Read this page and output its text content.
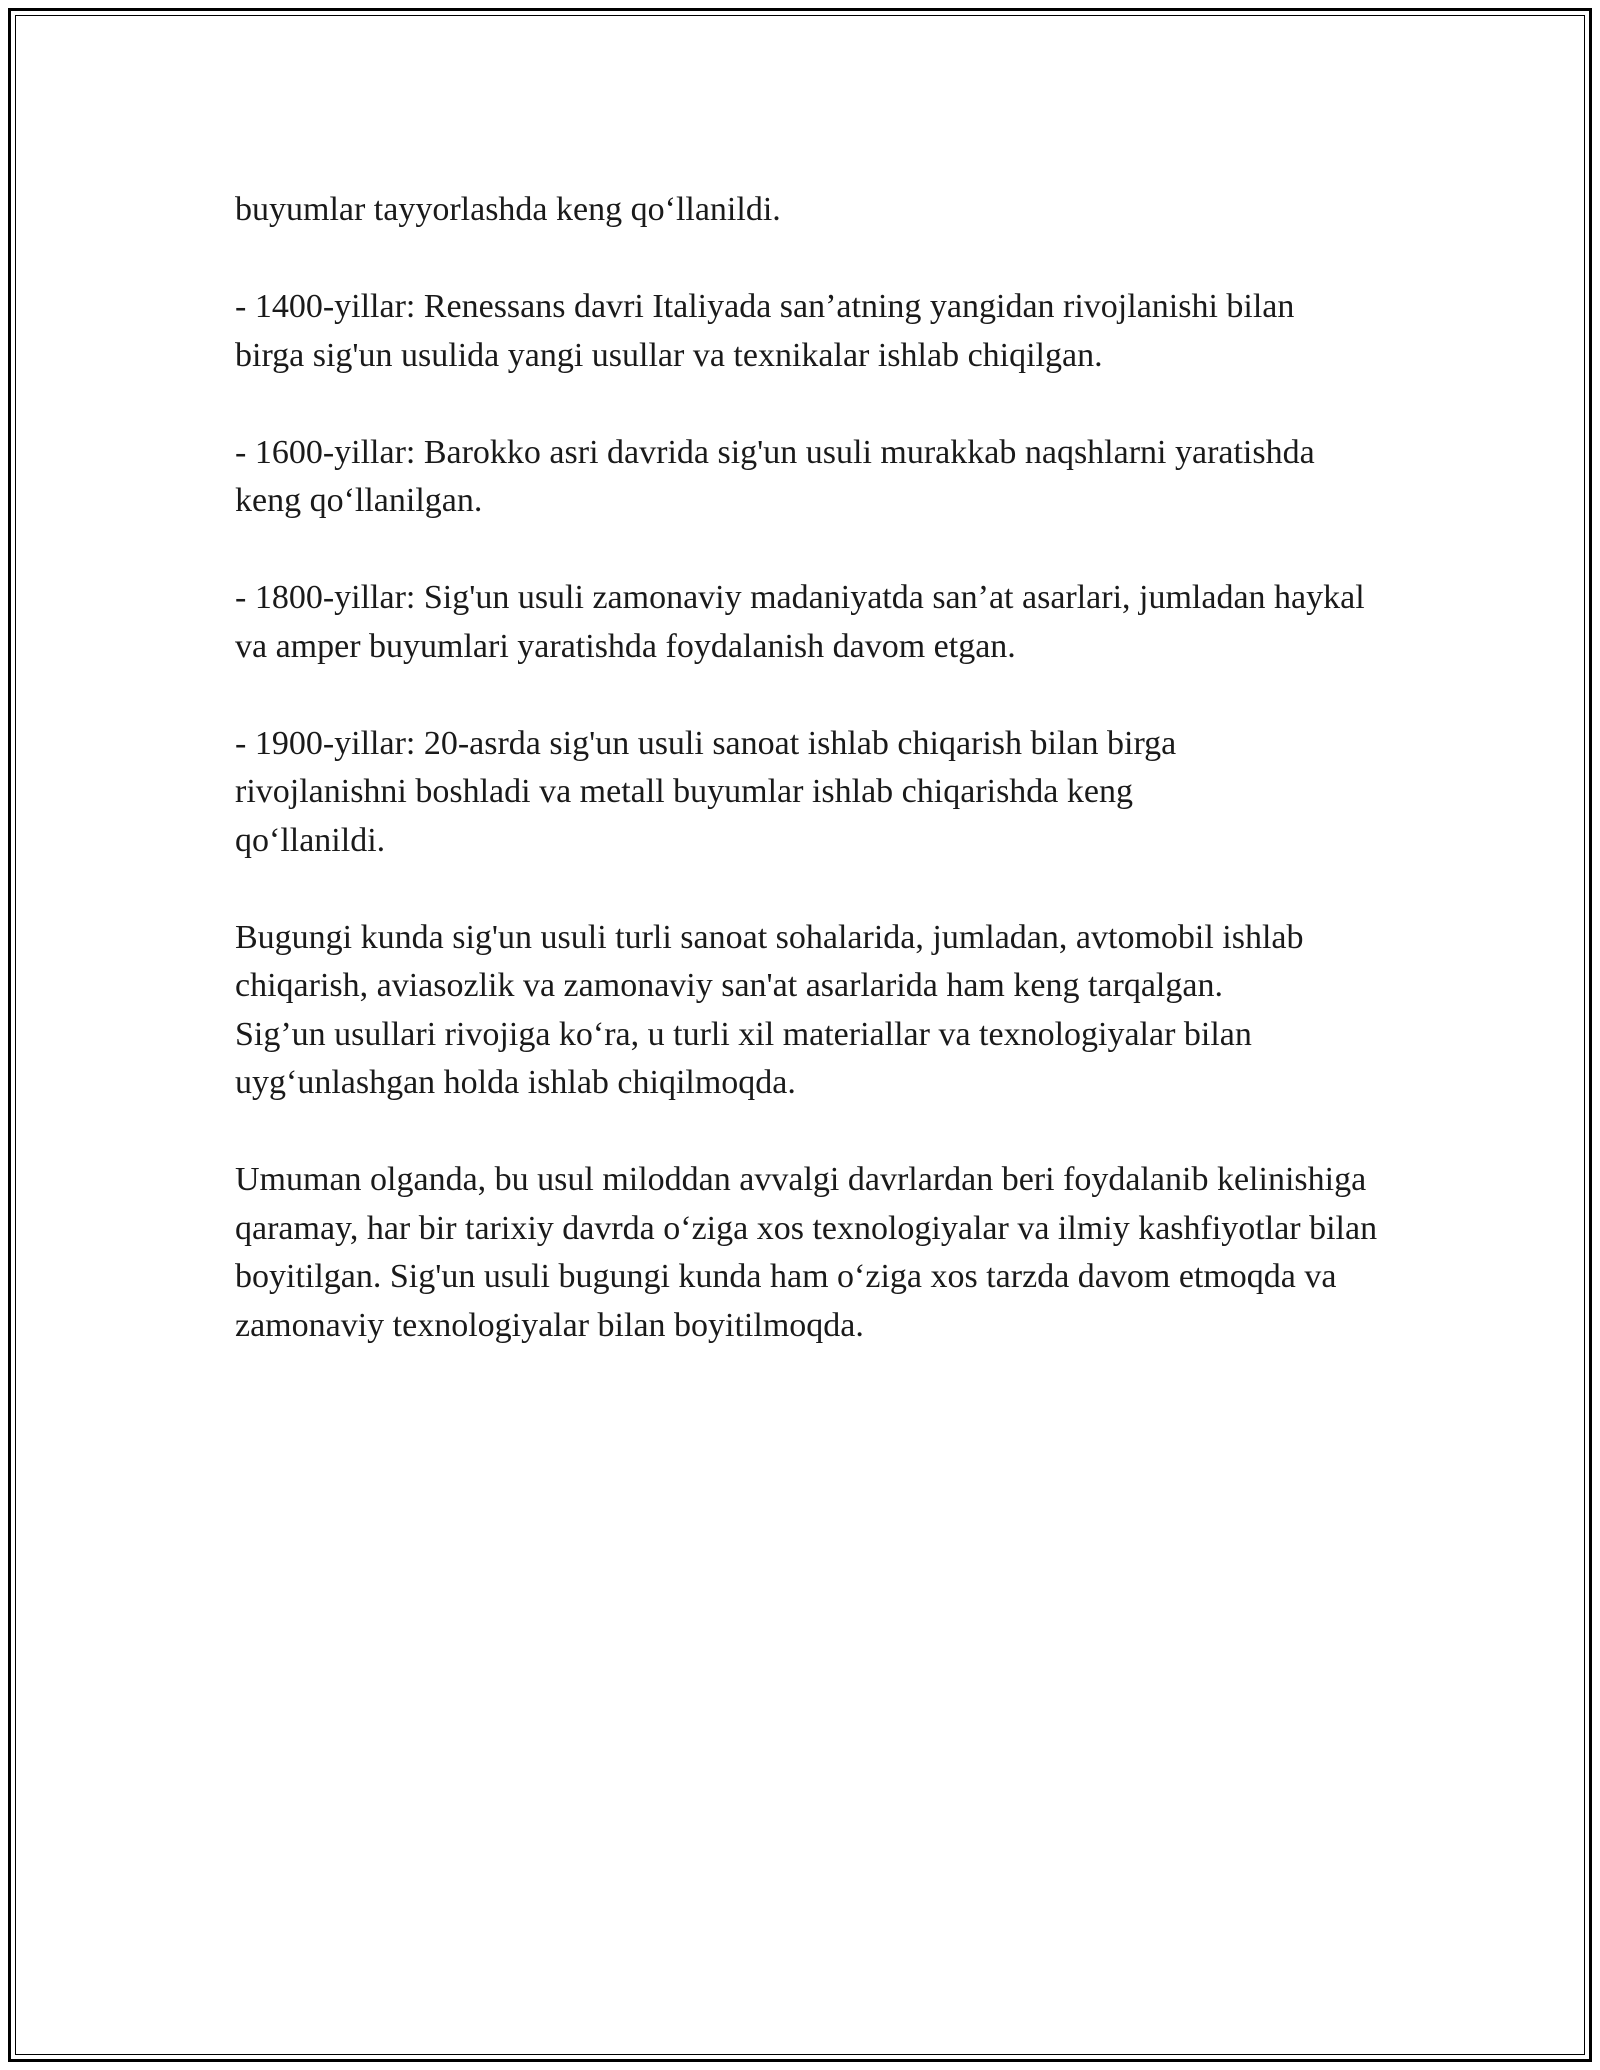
buyumlar tayyorlashda keng qo‘llanildi.

- 1400-yillar: Renessans davri Italiyada san’atning yangidan rivojlanishi bilan birga sig'un usulida yangi usullar va texnikalar ishlab chiqilgan.

- 1600-yillar: Barokko asri davrida sig'un usuli murakkab naqshlarni yaratishda keng qo‘llanilgan.

- 1800-yillar: Sig'un usuli zamonaviy madaniyatda san’at asarlari, jumladan haykal va amper buyumlari yaratishda foydalanish davom etgan.

- 1900-yillar: 20-asrda sig'un usuli sanoat ishlab chiqarish bilan birga rivojlanishni boshladi va metall buyumlar ishlab chiqarishda keng qo‘llanildi.

Bugungi kunda sig'un usuli turli sanoat sohalarida, jumladan, avtomobil ishlab chiqarish, aviasozlik va zamonaviy san'at asarlarida ham keng tarqalgan. Sig’un usullari rivojiga ko‘ra, u turli xil materiallar va texnologiyalar bilan uyg‘unlashgan holda ishlab chiqilmoqda.

Umuman olganda, bu usul miloddan avvalgi davrlardan beri foydalanib kelinishiga qaramay, har bir tarixiy davrda o‘ziga xos texnologiyalar va ilmiy kashfiyotlar bilan boyitilgan. Sig'un usuli bugungi kunda ham o‘ziga xos tarzda davom etmoqda va zamonaviy texnologiyalar bilan boyitilmoqda.
